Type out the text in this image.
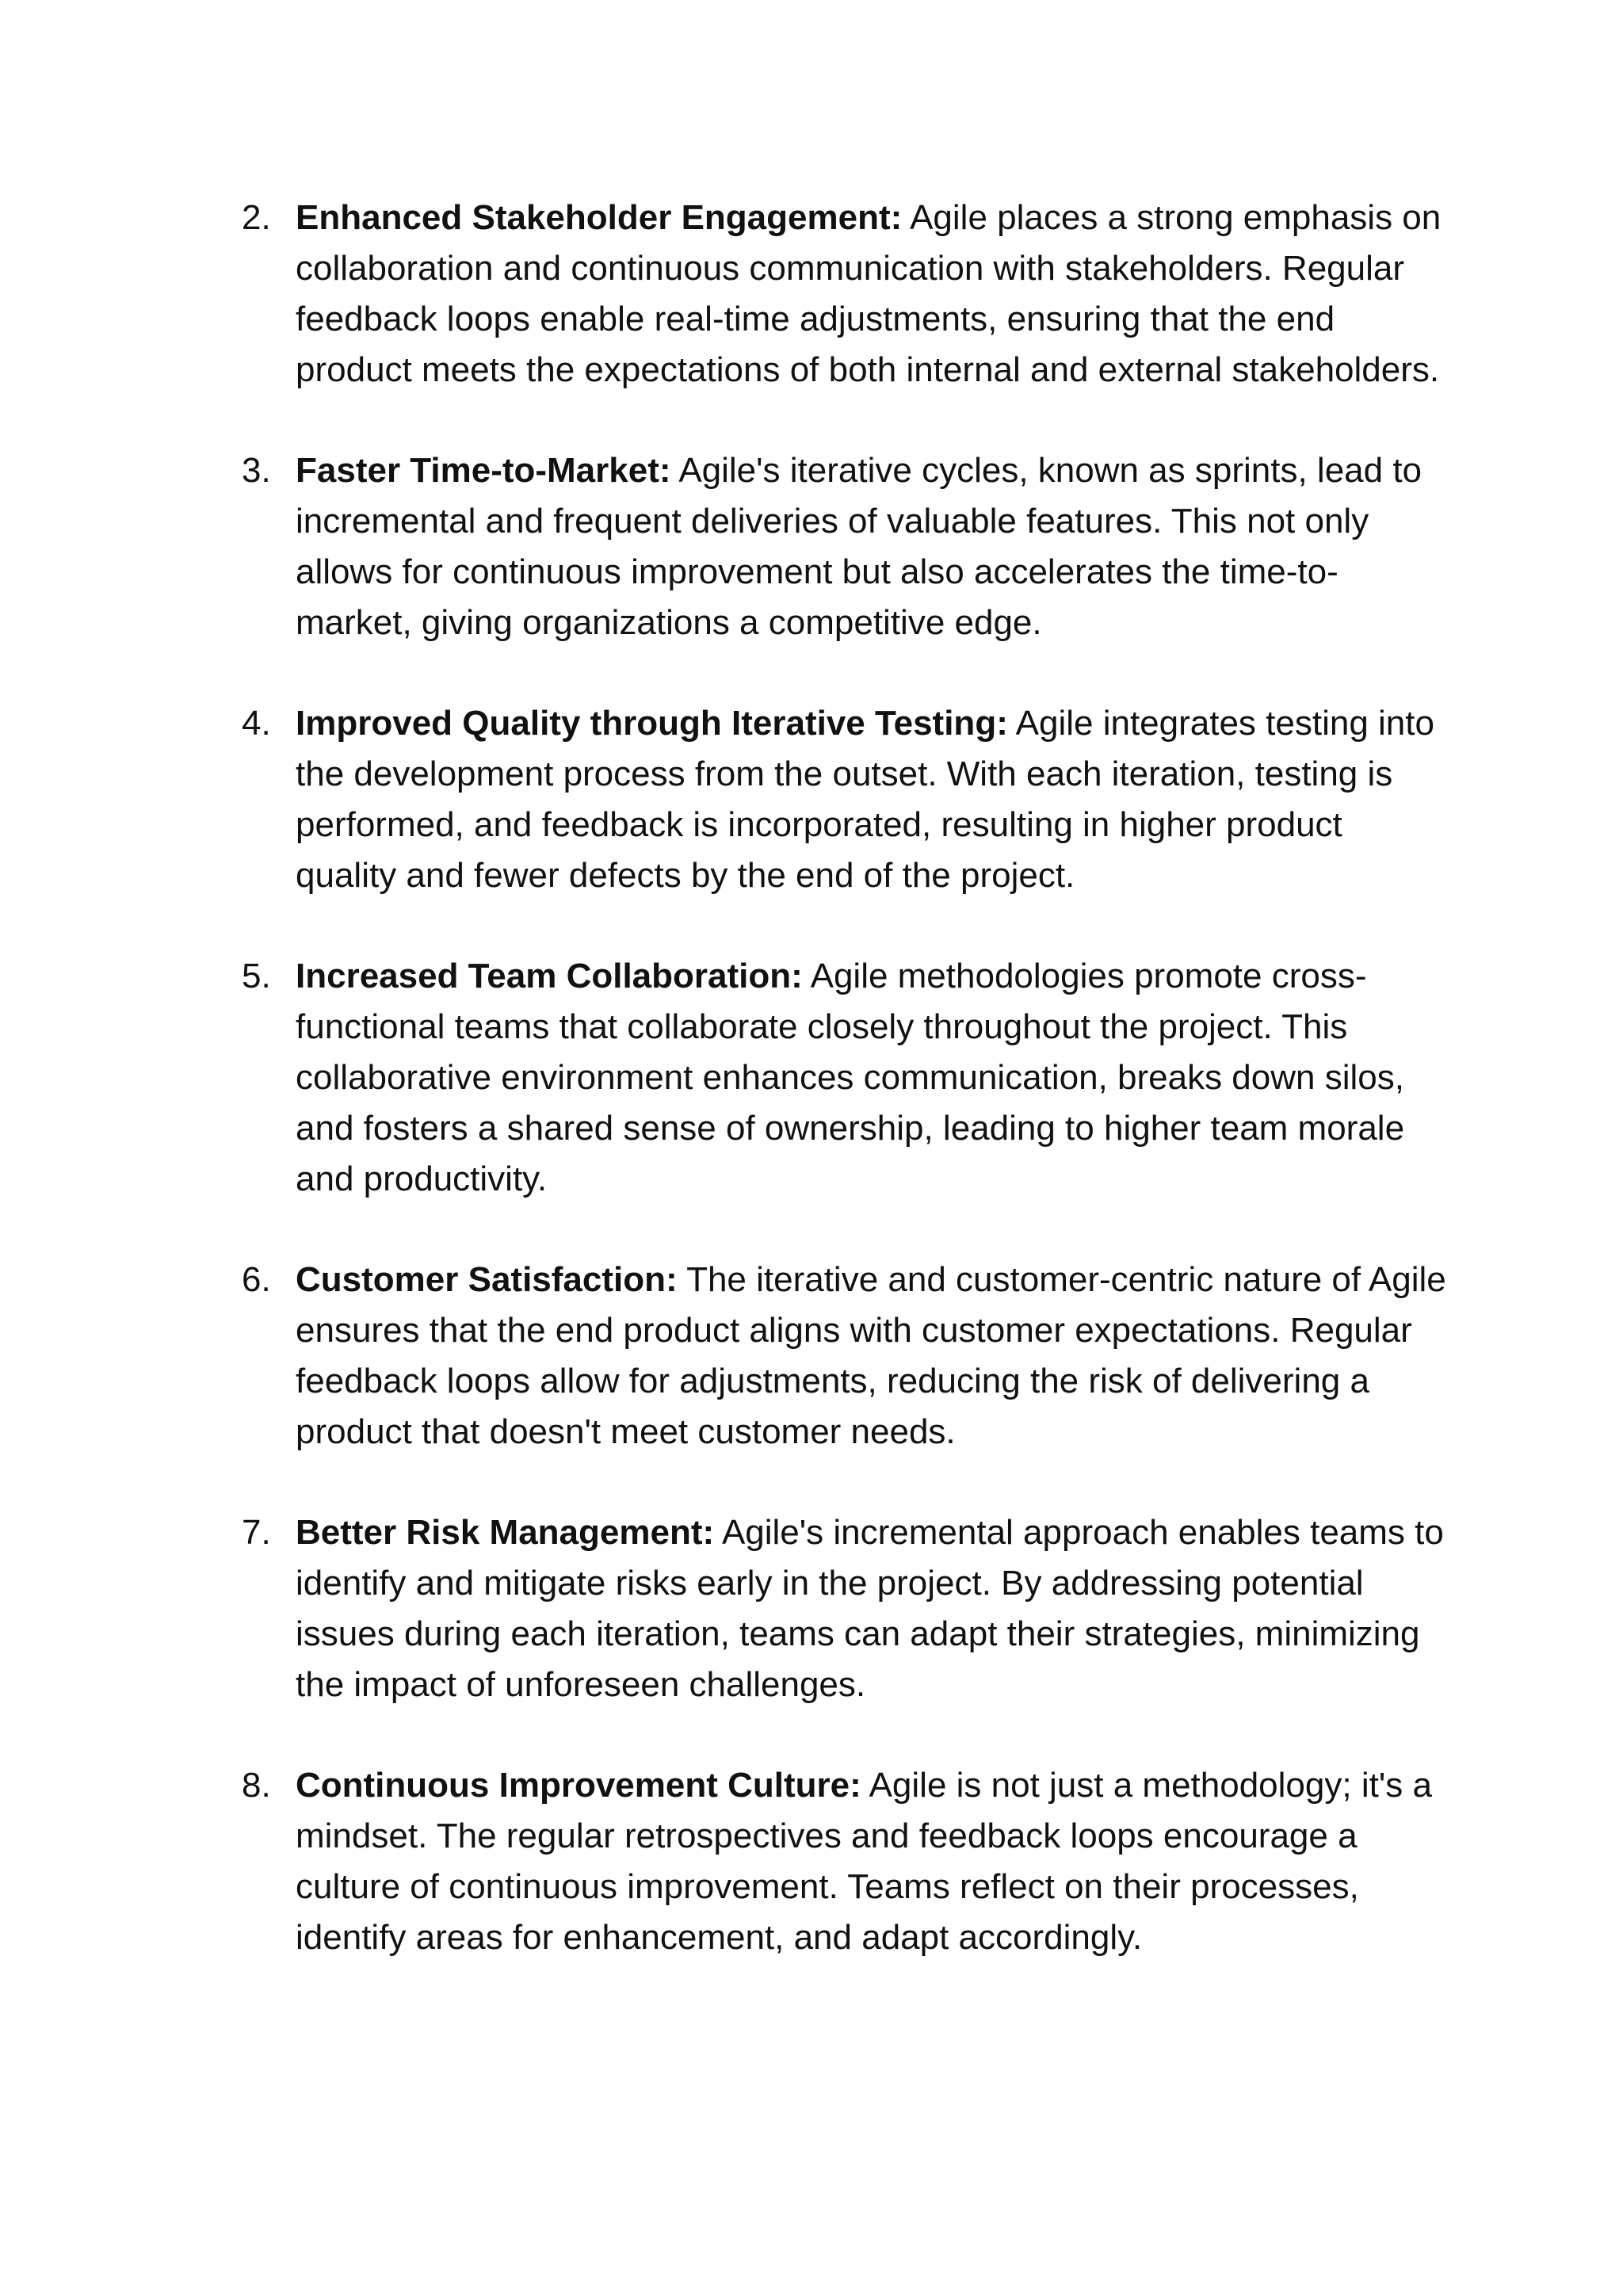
2. Enhanced Stakeholder Engagement: Agile places a strong emphasis on collaboration and continuous communication with stakeholders. Regular feedback loops enable real-time adjustments, ensuring that the end product meets the expectations of both internal and external stakeholders.
3. Faster Time-to-Market: Agile's iterative cycles, known as sprints, lead to incremental and frequent deliveries of valuable features. This not only allows for continuous improvement but also accelerates the time-to-market, giving organizations a competitive edge.
4. Improved Quality through Iterative Testing: Agile integrates testing into the development process from the outset. With each iteration, testing is performed, and feedback is incorporated, resulting in higher product quality and fewer defects by the end of the project.
5. Increased Team Collaboration: Agile methodologies promote cross-functional teams that collaborate closely throughout the project. This collaborative environment enhances communication, breaks down silos, and fosters a shared sense of ownership, leading to higher team morale and productivity.
6. Customer Satisfaction: The iterative and customer-centric nature of Agile ensures that the end product aligns with customer expectations. Regular feedback loops allow for adjustments, reducing the risk of delivering a product that doesn't meet customer needs.
7. Better Risk Management: Agile's incremental approach enables teams to identify and mitigate risks early in the project. By addressing potential issues during each iteration, teams can adapt their strategies, minimizing the impact of unforeseen challenges.
8. Continuous Improvement Culture: Agile is not just a methodology; it's a mindset. The regular retrospectives and feedback loops encourage a culture of continuous improvement. Teams reflect on their processes, identify areas for enhancement, and adapt accordingly.
